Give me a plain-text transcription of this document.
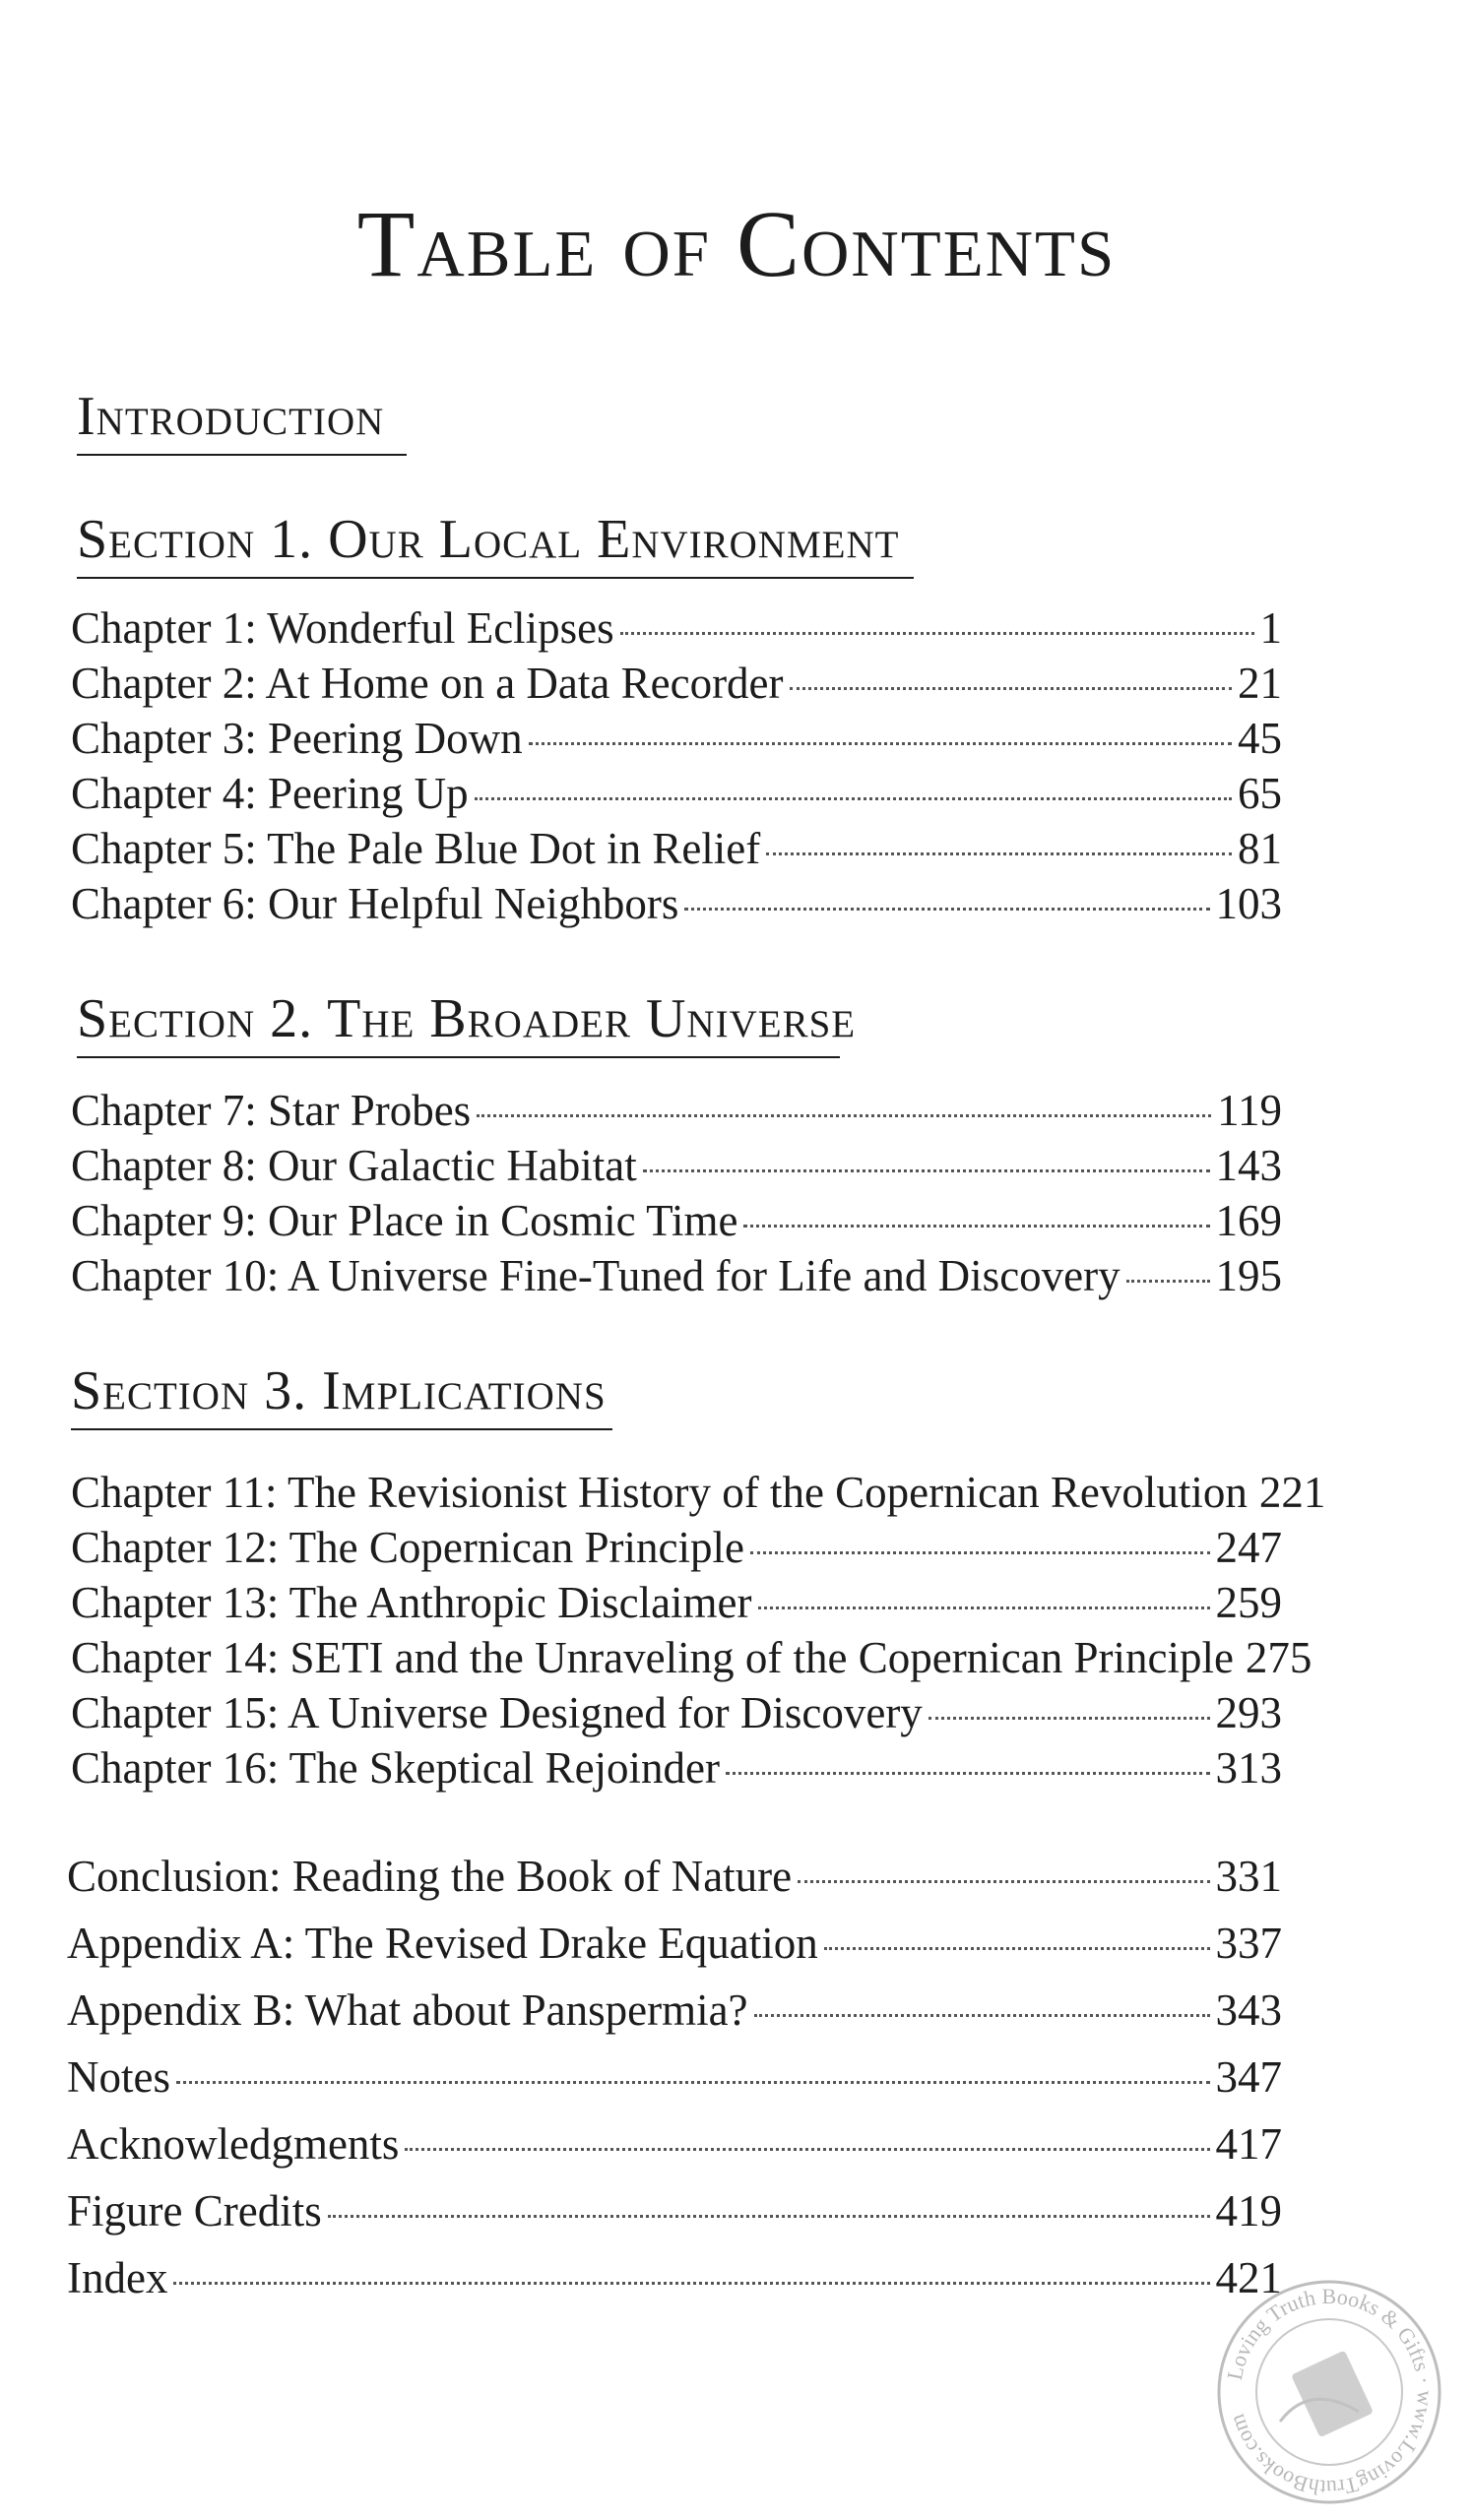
Table of Contents
Introduction
Section 1. Our Local Environment
Chapter 1: Wonderful Eclipses	1
Chapter 2: At Home on a Data Recorder	21
Chapter 3: Peering Down	45
Chapter 4: Peering Up	65
Chapter 5: The Pale Blue Dot in Relief	81
Chapter 6: Our Helpful Neighbors	103
Section 2. The Broader Universe
Chapter 7: Star Probes	119
Chapter 8: Our Galactic Habitat	143
Chapter 9: Our Place in Cosmic Time	169
Chapter 10: A Universe Fine-Tuned for Life and Discovery 195
Section 3. Implications
Chapter 11: The Revisionist History of the Copernican Revolution 221
Chapter 12: The Copernican Principle	247
Chapter 13: The Anthropic Disclaimer	259
Chapter 14: SETI and the Unraveling of the Copernican Principle 275
Chapter 15: A Universe Designed for Discovery	293
Chapter 16: The Skeptical Rejoinder	313
Conclusion: Reading the Book of Nature	331
Appendix A: The Revised Drake Equation	337
Appendix B: What about Panspermia?	343
Notes	347
Acknowledgments	417
Figure Credits	419
Index	421
Loving Truth Books & Gifts · www.LovingTruthBooks.com
